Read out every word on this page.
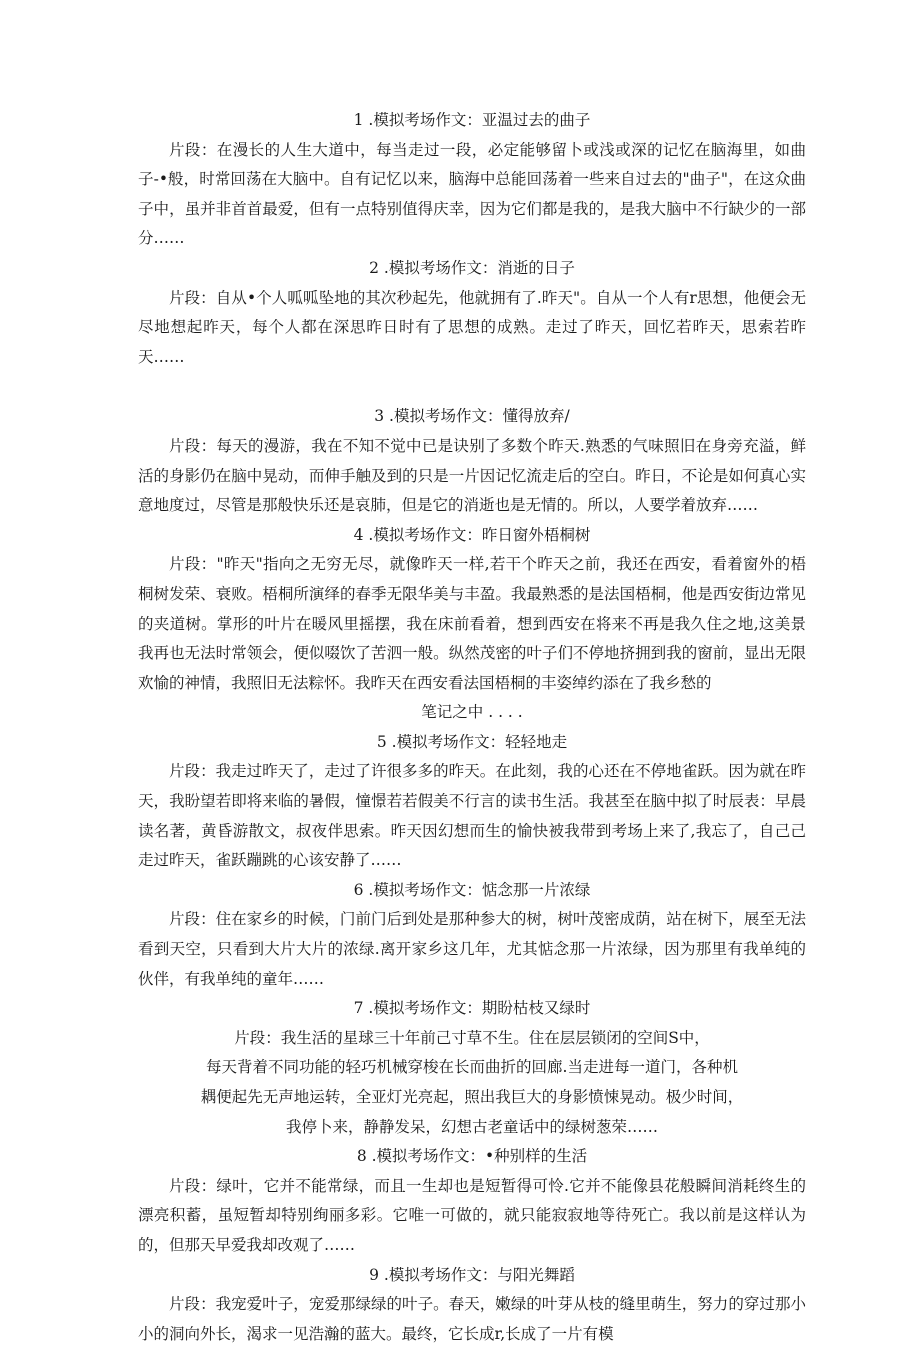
1 .模拟考场作文：亚温过去的曲子

片段：在漫长的人生大道中，每当走过一段，必定能够留卜或浅或深的记忆在脑海里，如曲子-•般，时常回荡在大脑中。自有记忆以来，脑海中总能回荡着一些来自过去的"曲子"，在这众曲子中，虽并非首首最爱，但有一点特别值得庆幸，因为它们都是我的，是我大脑中不行缺少的一部分……

2 .模拟考场作文：消逝的日子

片段：自从•个人呱呱坠地的其次秒起先，他就拥有了.昨天"。自从一个人有r思想，他便会无尽地想起昨天，每个人都在深思昨日时有了思想的成熟。走过了昨天，回忆若昨天，思索若昨天……

3 .模拟考场作文：懂得放弃/

片段：每天的漫游，我在不知不觉中已是诀别了多数个昨天.熟悉的气味照旧在身旁充溢，鲜活的身影仍在脑中晃动，而伸手触及到的只是一片因记忆流走后的空白。昨日，不论是如何真心实意地度过，尽管是那般快乐还是哀肺，但是它的消逝也是无情的。所以，人要学着放弃……

4 .模拟考场作文：昨日窗外梧桐树

片段："昨天"指向之无穷无尽，就像昨天一样,若干个昨天之前，我还在西安，看着窗外的梧桐树发荣、衰败。梧桐所演绎的春季无限华美与丰盈。我最熟悉的是法国梧桐，他是西安街边常见的夹道树。掌形的叶片在暖风里摇摆，我在床前看着，想到西安在将来不再是我久住之地,这美景我再也无法时常领会，便似啜饮了苦泗一般。纵然茂密的叶子们不停地挤拥到我的窗前，显出无限欢愉的神情，我照旧无法粽怀。我昨天在西安看法国梧桐的丰姿绰约添在了我乡愁的

笔记之中 . . . .

5 .模拟考场作文：轻轻地走

片段：我走过昨天了，走过了许很多多的昨天。在此刻，我的心还在不停地雀跃。因为就在昨天，我盼望若即将来临的暑假，憧憬若若假美不行言的读书生活。我甚至在脑中拟了时辰表：早晨读名著，黄昏游散文，叔夜伴思索。昨天因幻想而生的愉快被我带到考场上来了,我忘了，自己己走过昨天，雀跃蹦跳的心该安静了……

6 .模拟考场作文：惦念那一片浓绿

片段：住在家乡的时候，门前门后到处是那种参大的树，树叶茂密成荫，站在树下，展至无法看到天空，只看到大片大片的浓绿.离开家乡这几年，尤其惦念那一片浓绿，因为那里有我单纯的伙伴，有我单纯的童年……

7 .模拟考场作文：期盼枯枝又绿时

片段：我生活的星球三十年前己寸草不生。住在层层锁闭的空间S中，

每天背着不同功能的轻巧机械穿梭在长而曲折的回廊.当走进每一道门，各种机

耦便起先无声地运转，全亚灯光亮起，照出我巨大的身影愤悚晃动。极少时间，

我停卜来，静静发呆，幻想古老童话中的绿树葱荣……

8 .模拟考场作文：•种别样的生活

片段：绿叶，它并不能常绿，而且一生却也是短暂得可怜.它并不能像县花般瞬间消耗终生的漂亮积蓄，虽短暂却特别绚丽多彩。它唯一可做的，就只能寂寂地等待死亡。我以前是这样认为的，但那天早爱我却改观了……

9 .模拟考场作文：与阳光舞蹈

片段：我宠爱叶子，宠爱那绿绿的叶子。春天，嫩绿的叶芽从枝的缝里萌生，努力的穿过那小小的洞向外长，渴求一见浩瀚的蓝大。最终，它长成r,长成了一片有模
